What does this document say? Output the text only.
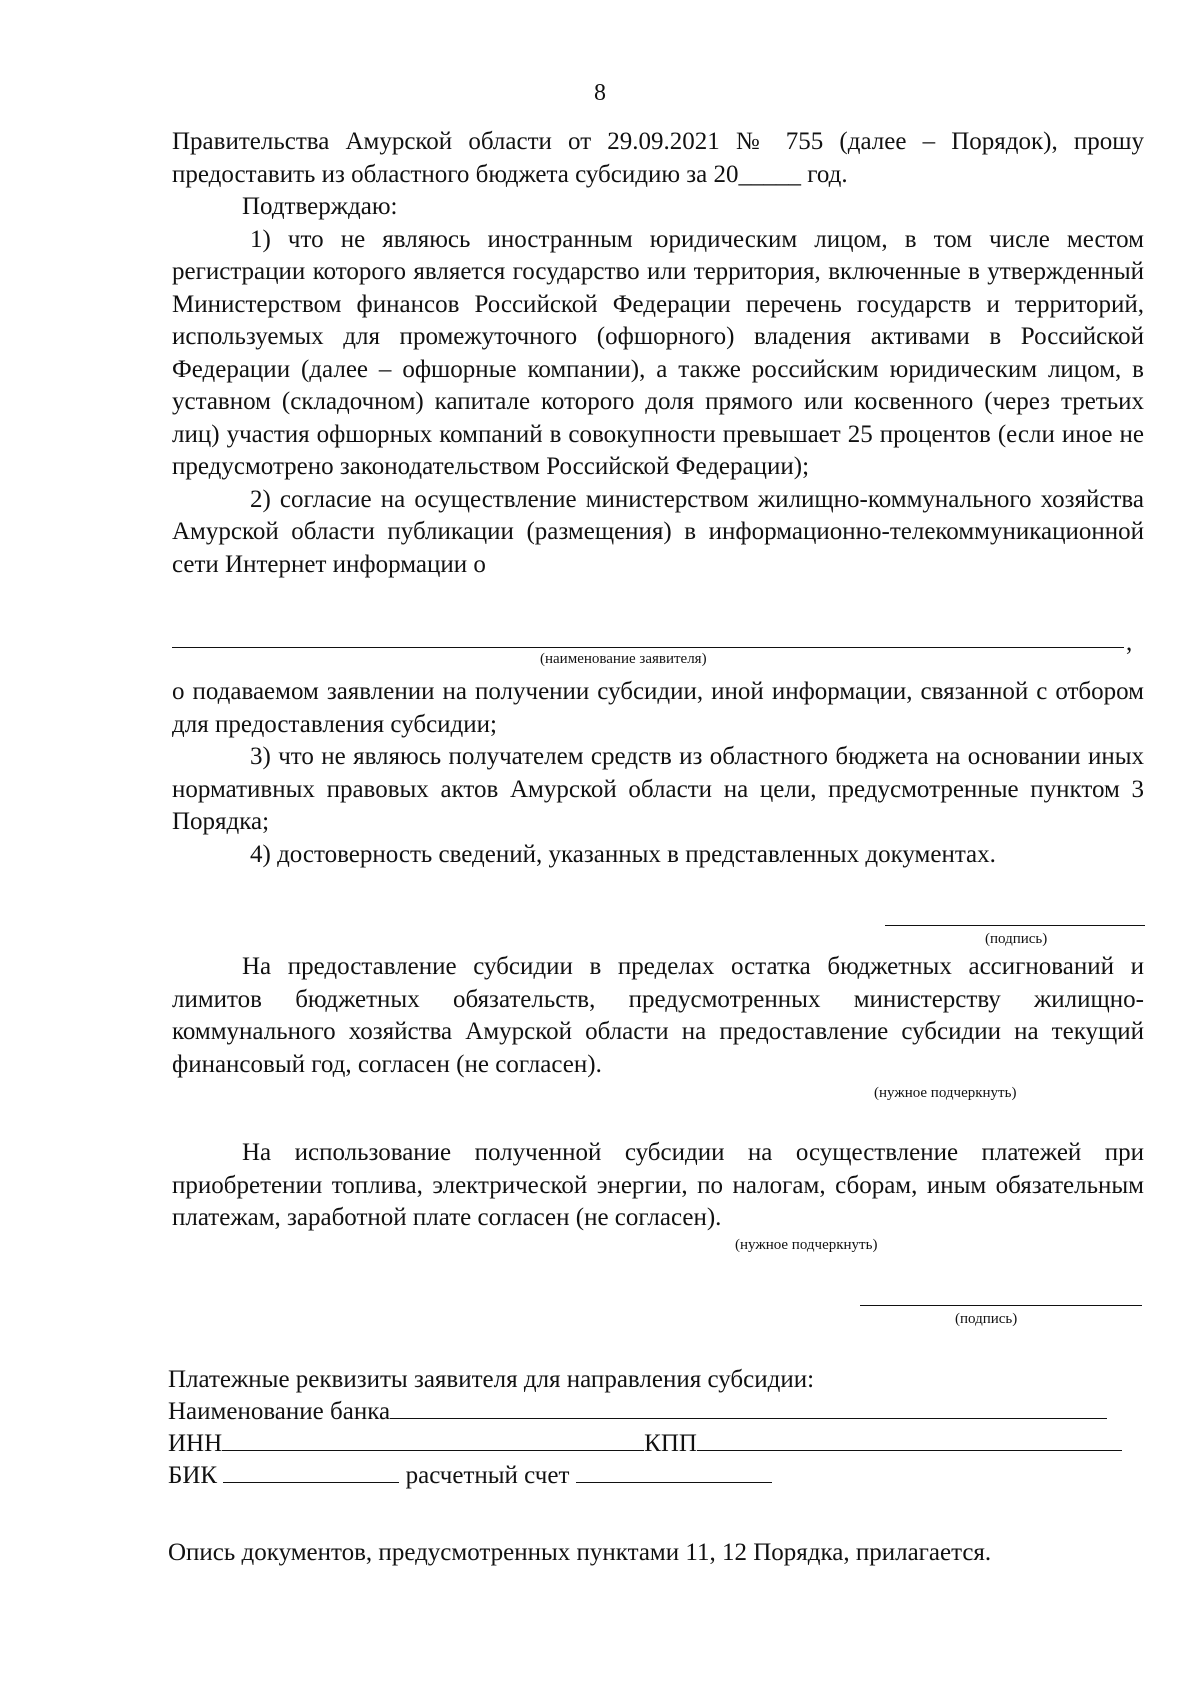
8

Правительства Амурской области от 29.09.2021 № 755 (далее – Порядок), прошу предоставить из областного бюджета субсидию за 20_____ год.

Подтверждаю:

1) что не являюсь иностранным юридическим лицом, в том числе местом регистрации которого является государство или территория, включенные в утвержденный Министерством финансов Российской Федерации перечень государств и территорий, используемых для промежуточного (офшорного) владения активами в Российской Федерации (далее – офшорные компании), а также российским юридическим лицом, в уставном (складочном) капитале которого доля прямого или косвенного (через третьих лиц) участия офшорных компаний в совокупности превышает 25 процентов (если иное не предусмотрено законодательством Российской Федерации);

2) согласие на осуществление министерством жилищно-коммунального хозяйства Амурской области публикации (размещения) в информационно-телекоммуникационной сети Интернет информации о

,
(наименование заявителя)

о подаваемом заявлении на получении субсидии, иной информации, связанной с отбором для предоставления субсидии;

3) что не являюсь получателем средств из областного бюджета на основании иных нормативных правовых актов Амурской области на цели, предусмотренные пунктом 3 Порядка;

4) достоверность сведений, указанных в представленных документах.

(подпись)

На предоставление субсидии в пределах остатка бюджетных ассигнований и лимитов бюджетных обязательств, предусмотренных министерству жилищно-коммунального хозяйства Амурской области на предоставление субсидии на текущий финансовый год, согласен (не согласен).

(нужное подчеркнуть)

На использование полученной субсидии на осуществление платежей при приобретении топлива, электрической энергии, по налогам, сборам, иным обязательным платежам, заработной плате согласен (не согласен).

(нужное подчеркнуть)
(подпись)
Платежные реквизиты заявителя для направления субсидии:
Наименование банка
ИНН	КПП
БИК	расчетный счет
Опись документов, предусмотренных пунктами 11, 12 Порядка, прилагается.
